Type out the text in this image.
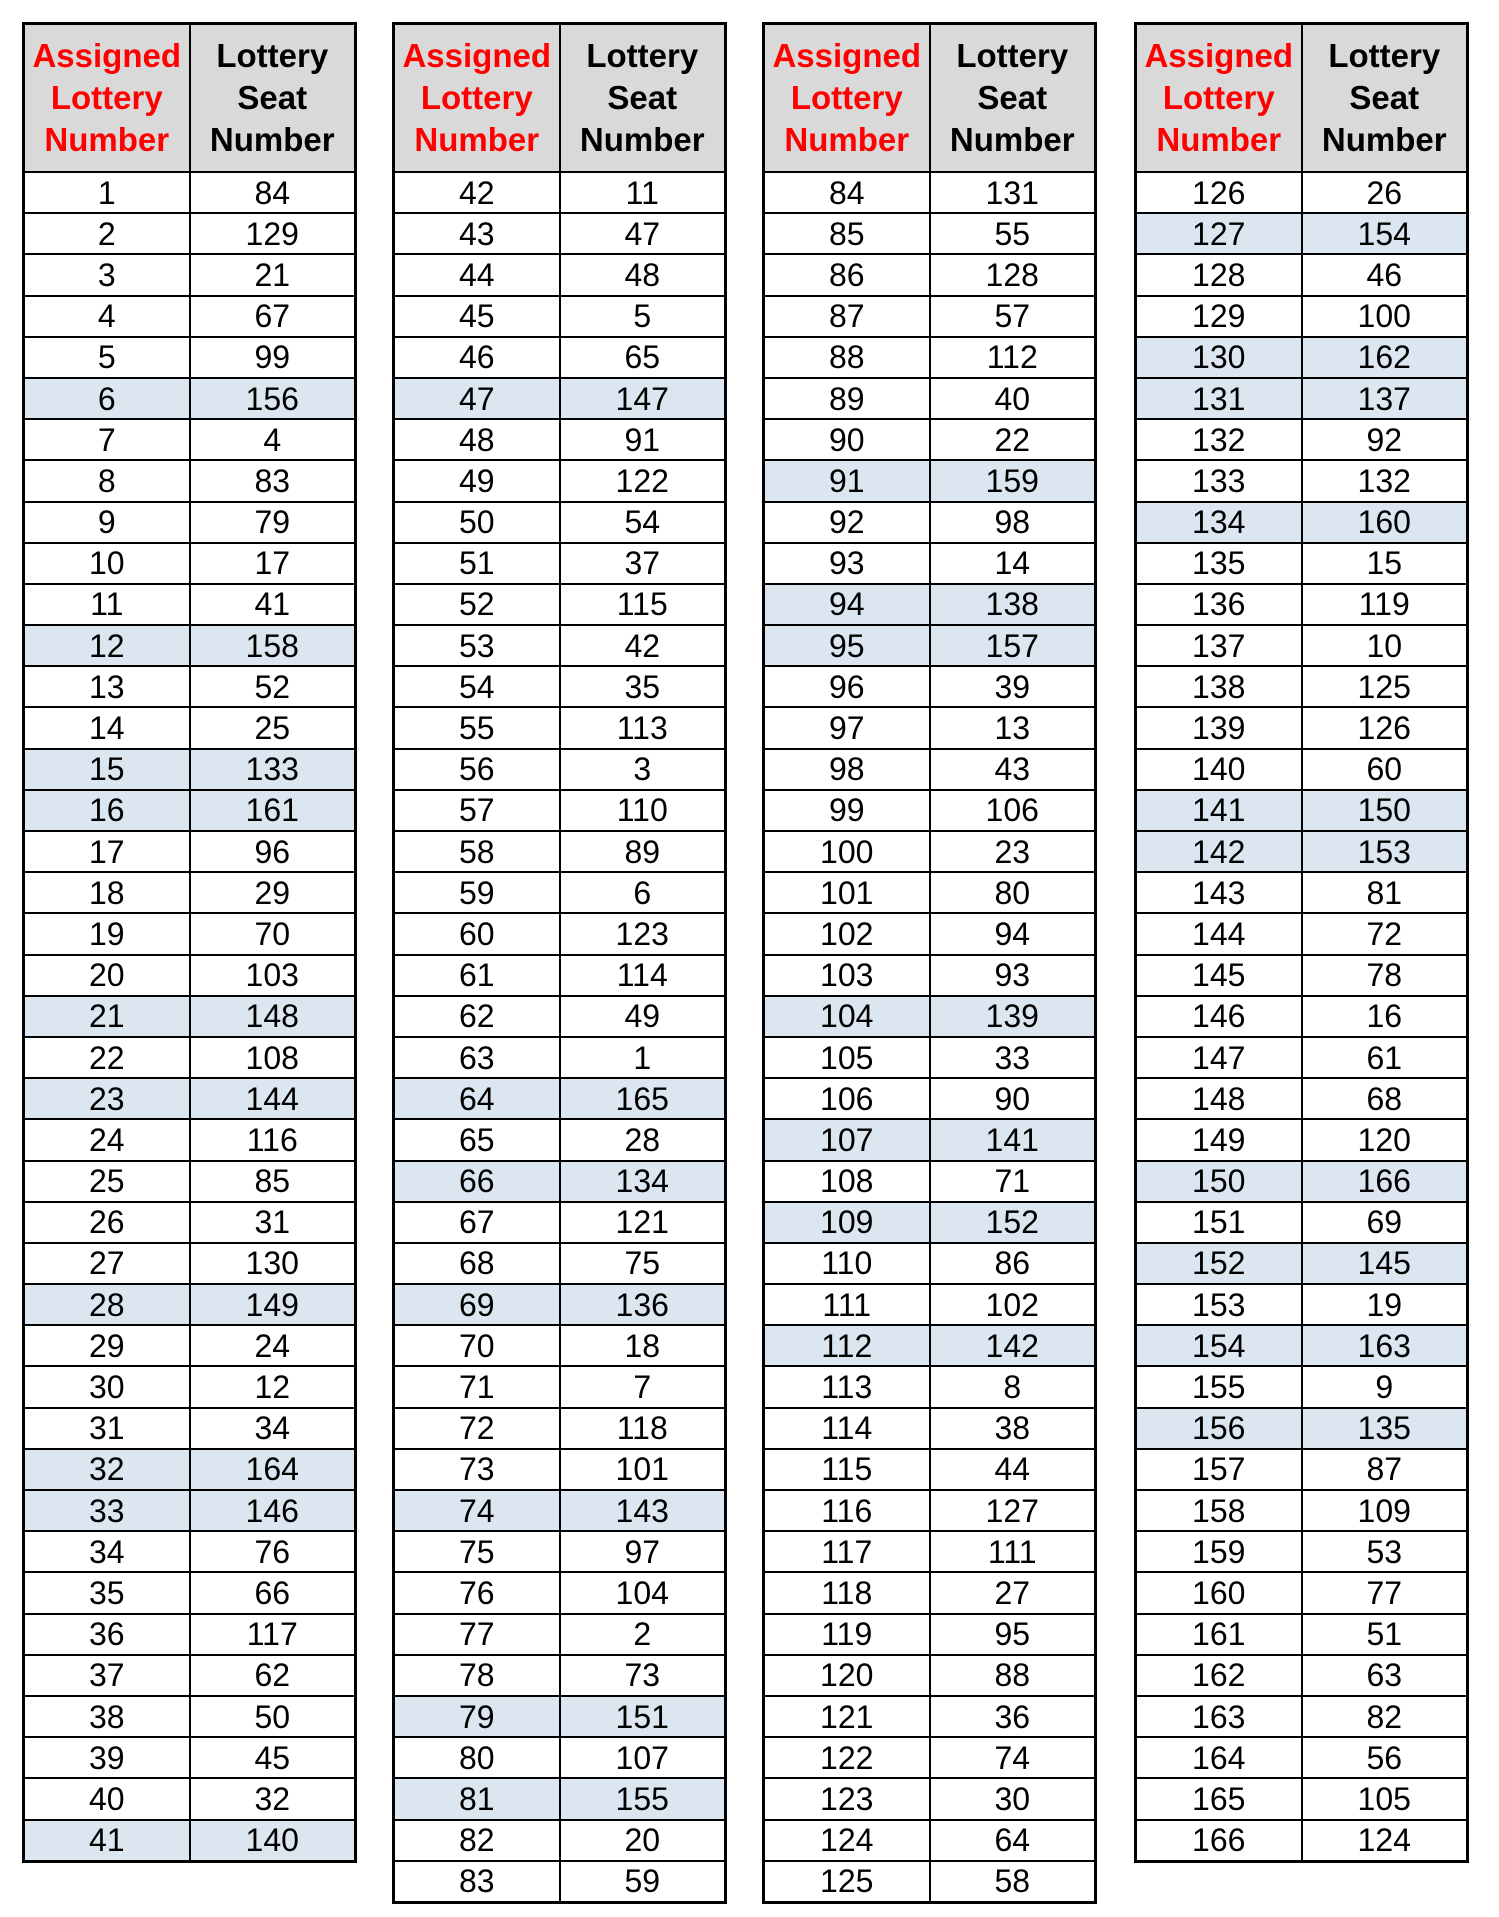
Assigned Lottery Number	Lottery Seat Number
1	84
2	129
3	21
4	67
5	99
6	156
7	4
8	83
9	79
10	17
11	41
12	158
13	52
14	25
15	133
16	161
17	96
18	29
19	70
20	103
21	148
22	108
23	144
24	116
25	85
26	31
27	130
28	149
29	24
30	12
31	34
32	164
33	146
34	76
35	66
36	117
37	62
38	50
39	45
40	32
41	140
Assigned Lottery Number	Lottery Seat Number
42	11
43	47
44	48
45	5
46	65
47	147
48	91
49	122
50	54
51	37
52	115
53	42
54	35
55	113
56	3
57	110
58	89
59	6
60	123
61	114
62	49
63	1
64	165
65	28
66	134
67	121
68	75
69	136
70	18
71	7
72	118
73	101
74	143
75	97
76	104
77	2
78	73
79	151
80	107
81	155
82	20
83	59
Assigned Lottery Number	Lottery Seat Number
84	131
85	55
86	128
87	57
88	112
89	40
90	22
91	159
92	98
93	14
94	138
95	157
96	39
97	13
98	43
99	106
100	23
101	80
102	94
103	93
104	139
105	33
106	90
107	141
108	71
109	152
110	86
111	102
112	142
113	8
114	38
115	44
116	127
117	111
118	27
119	95
120	88
121	36
122	74
123	30
124	64
125	58
Assigned Lottery Number	Lottery Seat Number
126	26
127	154
128	46
129	100
130	162
131	137
132	92
133	132
134	160
135	15
136	119
137	10
138	125
139	126
140	60
141	150
142	153
143	81
144	72
145	78
146	16
147	61
148	68
149	120
150	166
151	69
152	145
153	19
154	163
155	9
156	135
157	87
158	109
159	53
160	77
161	51
162	63
163	82
164	56
165	105
166	124
